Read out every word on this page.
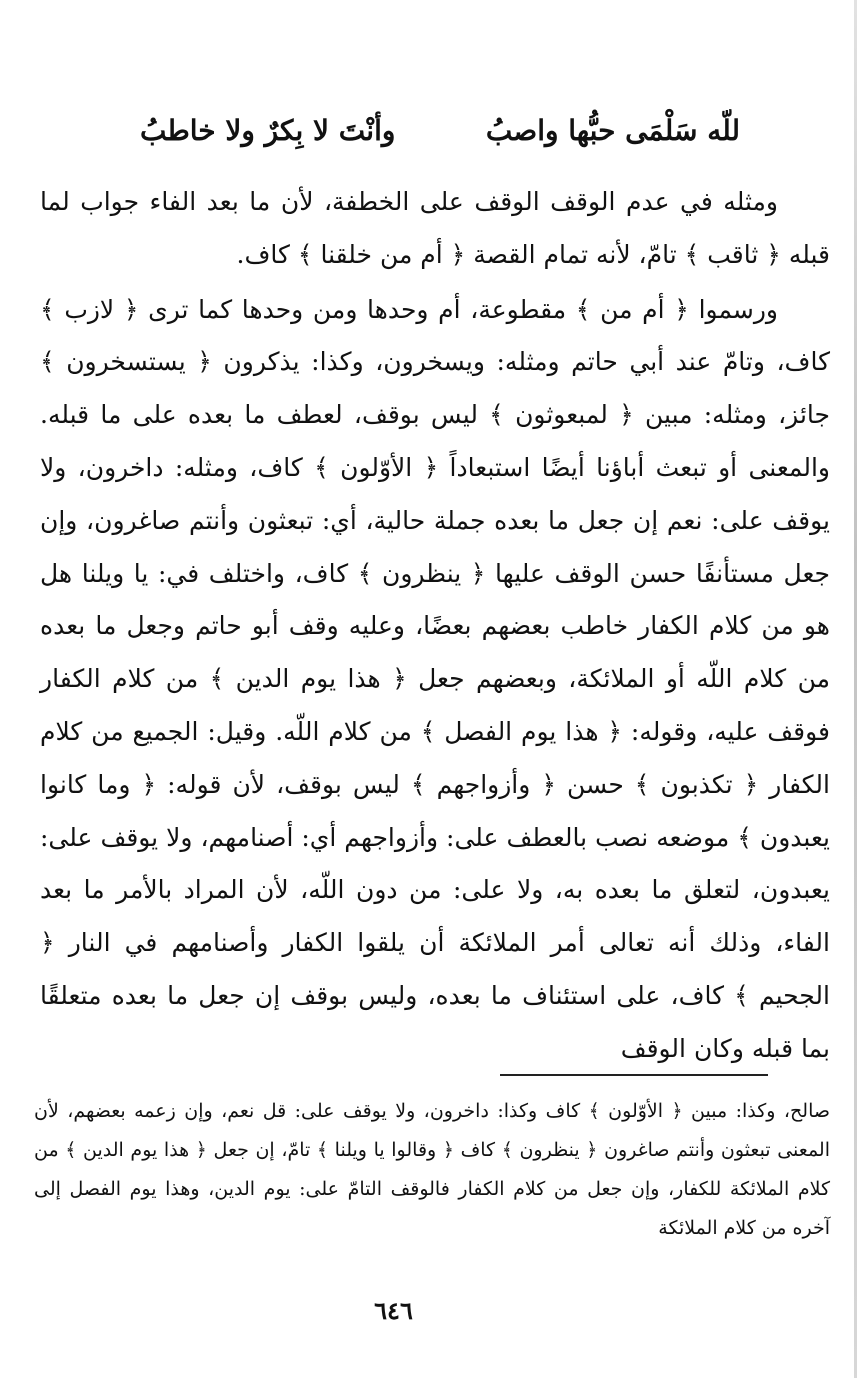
للّه سَلْمَى حبُّها واصبُ
وأنْتَ لا بِكرٌ ولا خاطبُ

ومثله في عدم الوقف الوقف على الخطفة، لأن ما بعد الفاء جواب لما قبله ﴿ ثاقب ﴾ تامّ، لأنه تمام القصة ﴿ أم من خلقنا ﴾ كاف.

ورسموا ﴿ أم من ﴾ مقطوعة، أم وحدها ومن وحدها كما ترى ﴿ لازب ﴾ كاف، وتامّ عند أبي حاتم ومثله: ويسخرون، وكذا: يذكرون ﴿ يستسخرون ﴾ جائز، ومثله: مبين ﴿ لمبعوثون ﴾ ليس بوقف، لعطف ما بعده على ما قبله. والمعنى أو تبعث أباؤنا أيضًا استبعاداً ﴿ الأوّلون ﴾ كاف، ومثله: داخرون، ولا يوقف على: نعم إن جعل ما بعده جملة حالية، أي: تبعثون وأنتم صاغرون، وإن جعل مستأنفًا حسن الوقف عليها ﴿ ينظرون ﴾ كاف، واختلف في: يا ويلنا هل هو من كلام الكفار خاطب بعضهم بعضًا، وعليه وقف أبو حاتم وجعل ما بعده من كلام اللّه أو الملائكة، وبعضهم جعل ﴿ هذا يوم الدين ﴾ من كلام الكفار فوقف عليه، وقوله: ﴿ هذا يوم الفصل ﴾ من كلام اللّه. وقيل: الجميع من كلام الكفار ﴿ تكذبون ﴾ حسن ﴿ وأزواجهم ﴾ ليس بوقف، لأن قوله: ﴿ وما كانوا يعبدون ﴾ موضعه نصب بالعطف على: وأزواجهم أي: أصنامهم، ولا يوقف على: يعبدون، لتعلق ما بعده به، ولا على: من دون اللّه، لأن المراد بالأمر ما بعد الفاء، وذلك أنه تعالى أمر الملائكة أن يلقوا الكفار وأصنامهم في النار ﴿ الجحيم ﴾ كاف، على استئناف ما بعده، وليس بوقف إن جعل ما بعده متعلقًا بما قبله وكان الوقف

صالح، وكذا: مبين ﴿ الأوّلون ﴾ كاف وكذا: داخرون، ولا يوقف على: قل نعم، وإن زعمه بعضهم، لأن المعنى تبعثون وأنتم صاغرون ﴿ ينظرون ﴾ كاف ﴿ وقالوا يا ويلنا ﴾ تامّ، إن جعل ﴿ هذا يوم الدين ﴾ من كلام الملائكة للكفار، وإن جعل من كلام الكفار فالوقف التامّ على: يوم الدين، وهذا يوم الفصل إلى آخره من كلام الملائكة
٦٤٦
